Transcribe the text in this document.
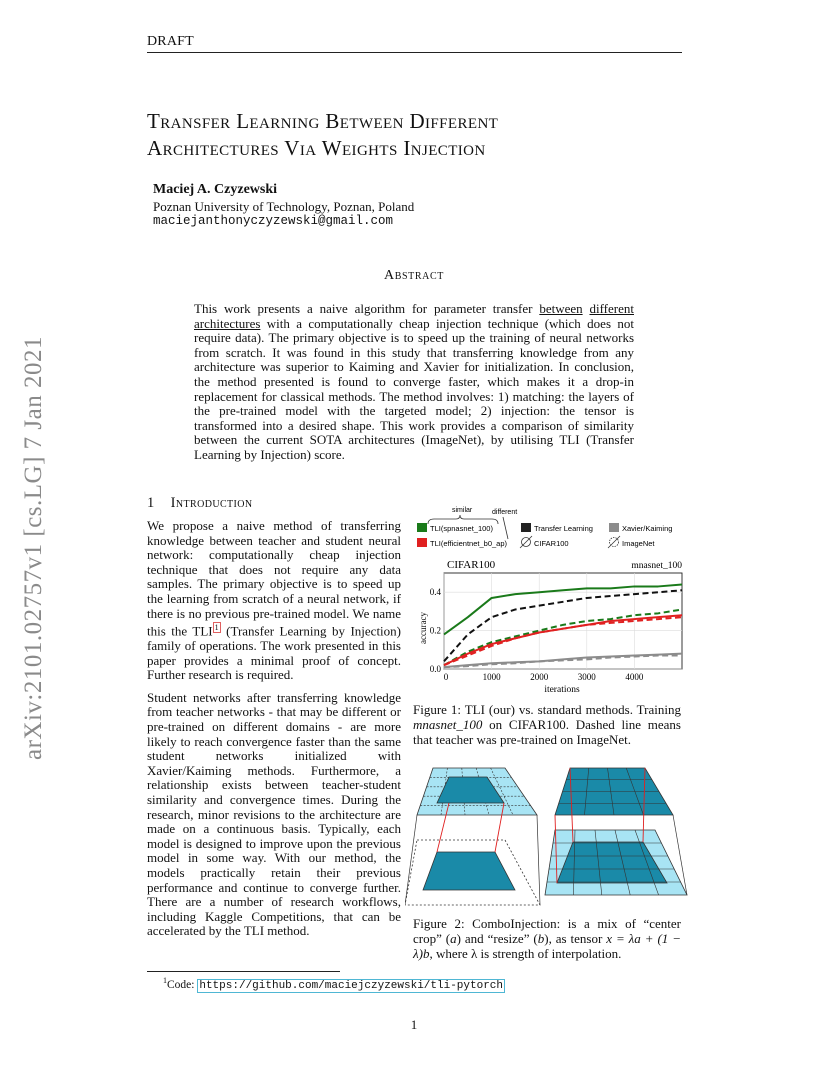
DRAFT
arXiv:2101.02757v1 [cs.LG] 7 Jan 2021
Transfer Learning Between Different
Architectures Via Weights Injection
Maciej A. Czyzewski
Poznan University of Technology, Poznan, Poland
maciejanthonyczyzewski@gmail.com
Abstract
This work presents a naive algorithm for parameter transfer between different architectures with a computationally cheap injection technique (which does not require data). The primary objective is to speed up the training of neural networks from scratch. It was found in this study that transferring knowledge from any architecture was superior to Kaiming and Xavier for initialization. In conclusion, the method presented is found to converge faster, which makes it a drop-in replacement for classical methods. The method involves: 1) matching: the layers of the pre-trained model with the targeted model; 2) injection: the tensor is transformed into a desired shape. This work provides a comparison of similarity between the current SOTA architectures (ImageNet), by utilising TLI (Transfer Learning by Injection) score.
1 Introduction

We propose a naive method of transferring knowledge between teacher and student neural network: computationally cheap injection technique that does not require any data samples. The primary objective is to speed up the learning from scratch of a neural network, if there is no previous pre-trained model. We name this the TLI $^1$ (Transfer Learning by Injection) family of operations. The work presented in this paper provides a minimal proof of concept. Further research is required.

Student networks after transferring knowledge from teacher networks - that may be different or pre-trained on different domains - are more likely to reach convergence faster than the same student networks initialized with Xavier/Kaiming methods. Furthermore, a relationship exists between teacher-student similarity and convergence times. During the research, minor revisions to the architecture are made on a continuous basis. Typically, each model is designed to improve upon the previous model in some way. With our method, the models practically retain their previous performance and continue to converge further. There are a number of research workflows, including Kaggle Competitions, that can be accelerated by the TLI method.

similar	different
TLI(spnasnet_100)
TLI(efficientnet_b0_ap)
Transfer Learning
CIFAR100
Xavier/Kaiming
ImageNet
CIFAR100	mnasnet_100
0	1000	2000	3000	4000
0.0
0.2
0.4
accuracy
iterations
Figure 1: TLI (our) vs. standard methods. Training mnasnet_100 on CIFAR100. Dashed line means that teacher was pre-trained on ImageNet.
Figure 2: ComboInjection: is a mix of “center crop” (a) and “resize” (b), as tensor x = λa + (1 − λ)b, where λ is strength of interpolation.
$^1$Code: https://github.com/maciejczyzewski/tli-pytorch
1
